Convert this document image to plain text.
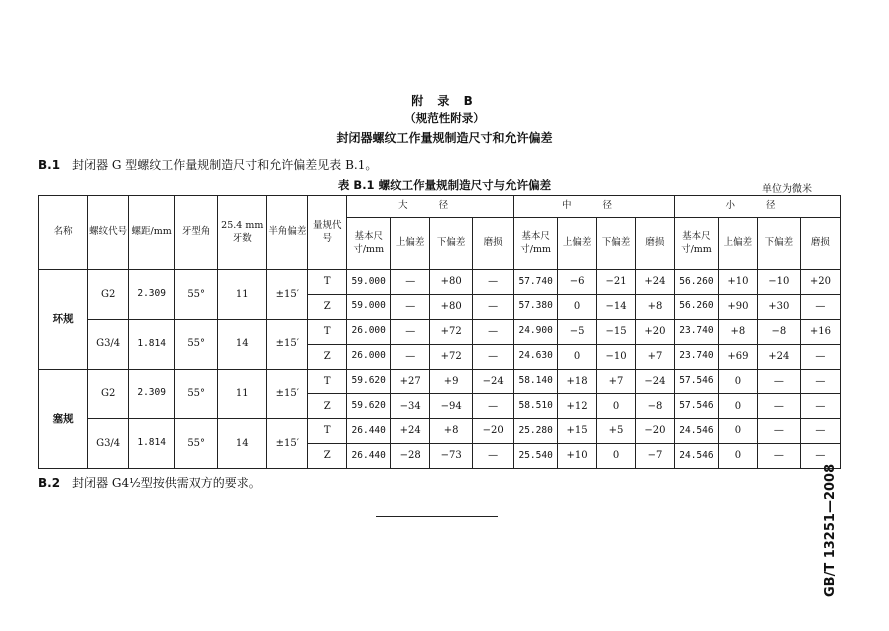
附 录 B
（规范性附录）
封闭器螺纹工作量规制造尺寸和允许偏差
B.1 封闭器 G 型螺纹工作量规制造尺寸和允许偏差见表 B.1。
表 B.1 螺纹工作量规制造尺寸与允许偏差	单位为微米
名称	螺纹代号	螺距/mm	牙型角	25.4 mm牙数	半角偏差	量规代号	大 径				中 径				小 径			
							基本尺寸/mm	上偏差	下偏差	磨损	基本尺寸/mm	上偏差	下偏差	磨损	基本尺寸/mm	上偏差	下偏差	磨损
环规	G2	2.309	55°	11	±15′	T	59.000	—	+80	—	57.740	−6	−21	+24	56.260	+10	−10	+20
						Z	59.000	—	+80	—	57.380	0	−14	+8	56.260	+90	+30	—
	G3/4	1.814	55°	14	±15′	T	26.000	—	+72	—	24.900	−5	−15	+20	23.740	+8	−8	+16
						Z	26.000	—	+72	—	24.630	0	−10	+7	23.740	+69	+24	—
塞规	G2	2.309	55°	11	±15′	T	59.620	+27	+9	−24	58.140	+18	+7	−24	57.546	0	—	—
						Z	59.620	−34	−94	—	58.510	+12	0	−8	57.546	0	—	—
	G3/4	1.814	55°	14	±15′	T	26.440	+24	+8	−20	25.280	+15	+5	−20	24.546	0	—	—
						Z	26.440	−28	−73	—	25.540	+10	0	−7	24.546	0	—	—
B.2 封闭器 G4½型按供需双方的要求。	GB/T 13251—2008
